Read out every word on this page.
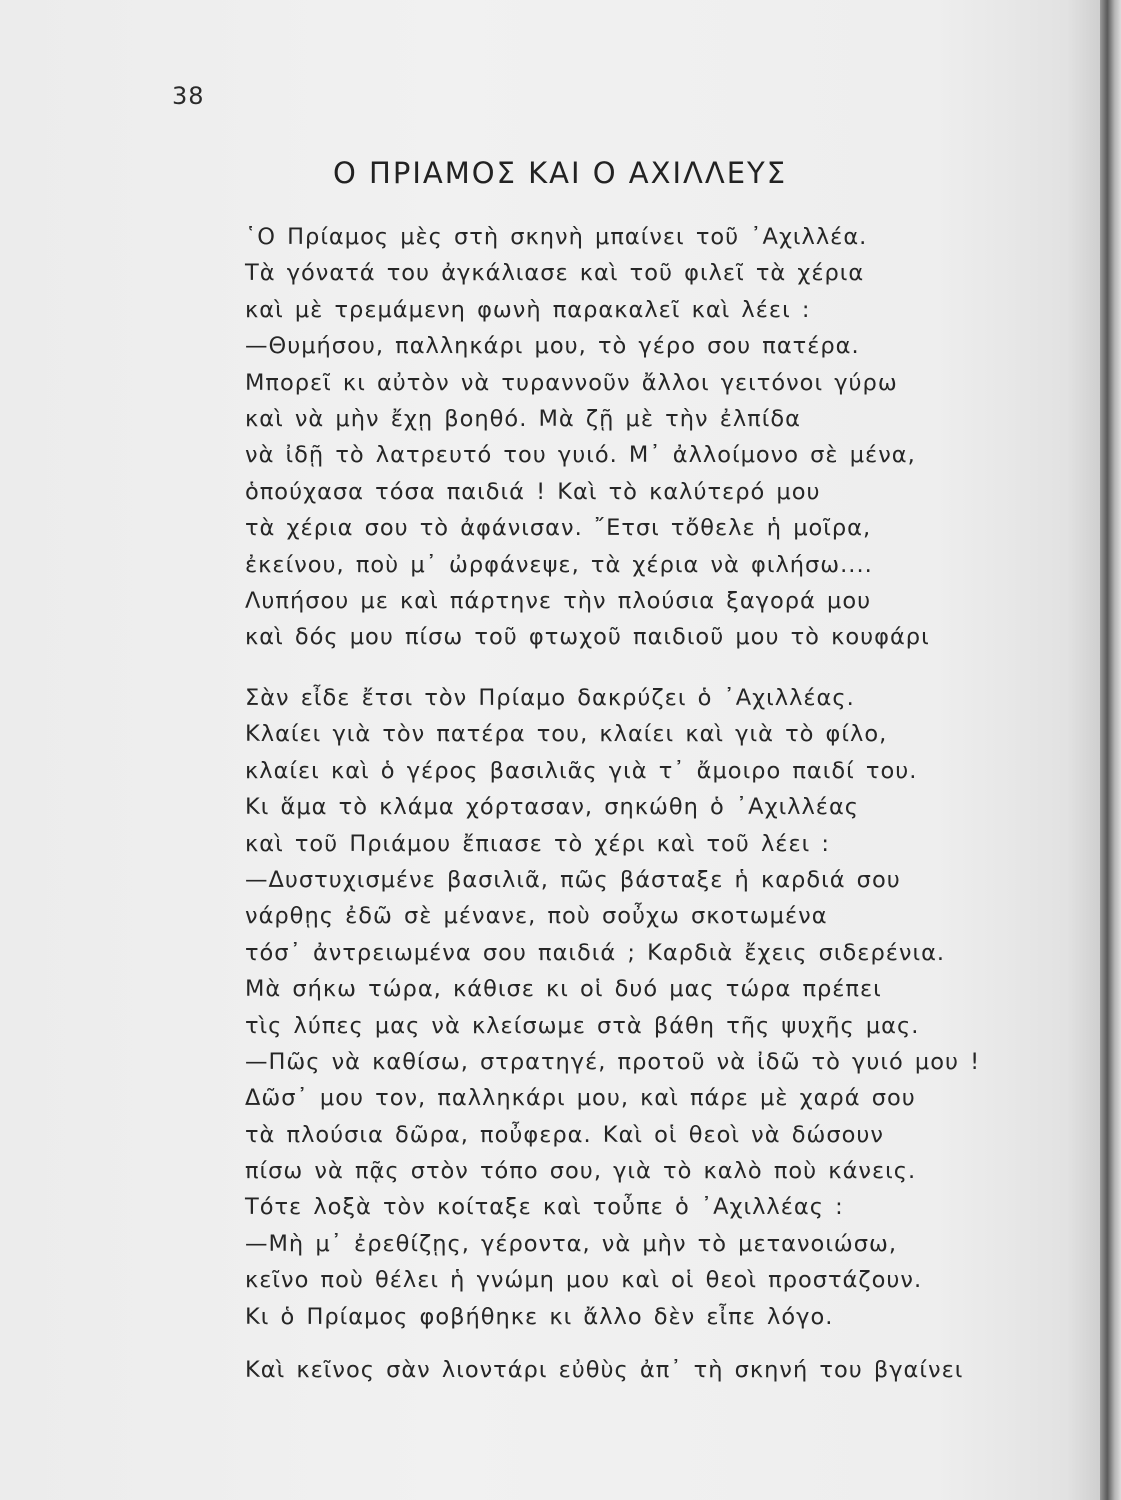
38
Ο ΠΡΙΑΜΟΣ ΚΑΙ Ο ΑΧΙΛΛΕΥΣ
῾Ο Πρίαμος μὲς στὴ σκηνὴ μπαίνει τοῦ ᾿Αχιλλέα.
Τὰ γόνατά του ἀγκάλιασε καὶ τοῦ φιλεῖ τὰ χέρια
καὶ μὲ τρεμάμενη φωνὴ παρακαλεῖ καὶ λέει :
—Θυμήσου, παλληκάρι μου, τὸ γέρο σου πατέρα.
Μπορεῖ κι αὐτὸν νὰ τυραννοῦν ἄλλοι γειτόνοι γύρω
καὶ νὰ μὴν ἔχῃ βοηθό. Μὰ ζῇ μὲ τὴν ἐλπίδα
νὰ ἰδῇ τὸ λατρευτό του γυιό. Μ᾿ ἀλλοίμονο σὲ μένα,
ὁπούχασα τόσα παιδιά ! Καὶ τὸ καλύτερό μου
τὰ χέρια σου τὸ ἀφάνισαν. ῎Ετσι τὄθελε ἡ μοῖρα,
ἐκείνου, ποὺ μ᾿ ὠρφάνεψε, τὰ χέρια νὰ φιλήσω....
Λυπήσου με καὶ πάρτηνε τὴν πλούσια ξαγορά μου
καὶ δός μου πίσω τοῦ φτωχοῦ παιδιοῦ μου τὸ κουφάρι
Σὰν εἶδε ἔτσι τὸν Πρίαμο δακρύζει ὁ ᾿Αχιλλέας.
Κλαίει γιὰ τὸν πατέρα του, κλαίει καὶ γιὰ τὸ φίλο,
κλαίει καὶ ὁ γέρος βασιλιᾶς γιὰ τ᾿ ἄμοιρο παιδί του.
Κι ἅμα τὸ κλάμα χόρτασαν, σηκώθη ὁ ᾿Αχιλλέας
καὶ τοῦ Πριάμου ἔπιασε τὸ χέρι καὶ τοῦ λέει :
—Δυστυχισμένε βασιλιᾶ, πῶς βάσταξε ἡ καρδιά σου
νάρθῃς ἐδῶ σὲ μένανε, ποὺ σοὖχω σκοτωμένα
τόσ᾿ ἀντρειωμένα σου παιδιά ; Καρδιὰ ἔχεις σιδερένια.
Μὰ σήκω τώρα, κάθισε κι οἱ δυό μας τώρα πρέπει
τὶς λύπες μας νὰ κλείσωμε στὰ βάθη τῆς ψυχῆς μας.
—Πῶς νὰ καθίσω, στρατηγέ, προτοῦ νὰ ἰδῶ τὸ γυιό μου !
Δῶσ᾿ μου τον, παλληκάρι μου, καὶ πάρε μὲ χαρά σου
τὰ πλούσια δῶρα, ποὖφερα. Καὶ οἱ θεοὶ νὰ δώσουν
πίσω νὰ πᾷς στὸν τόπο σου, γιὰ τὸ καλὸ ποὺ κάνεις.
Τότε λοξὰ τὸν κοίταξε καὶ τοὖπε ὁ ᾿Αχιλλέας :
—Μὴ μ᾿ ἐρεθίζῃς, γέροντα, νὰ μὴν τὸ μετανοιώσω,
κεῖνο ποὺ θέλει ἡ γνώμη μου καὶ οἱ θεοὶ προστάζουν.
Κι ὁ Πρίαμος φοβήθηκε κι ἄλλο δὲν εἶπε λόγο.
Καὶ κεῖνος σὰν λιοντάρι εὐθὺς ἀπ᾿ τὴ σκηνή του βγαίνει
